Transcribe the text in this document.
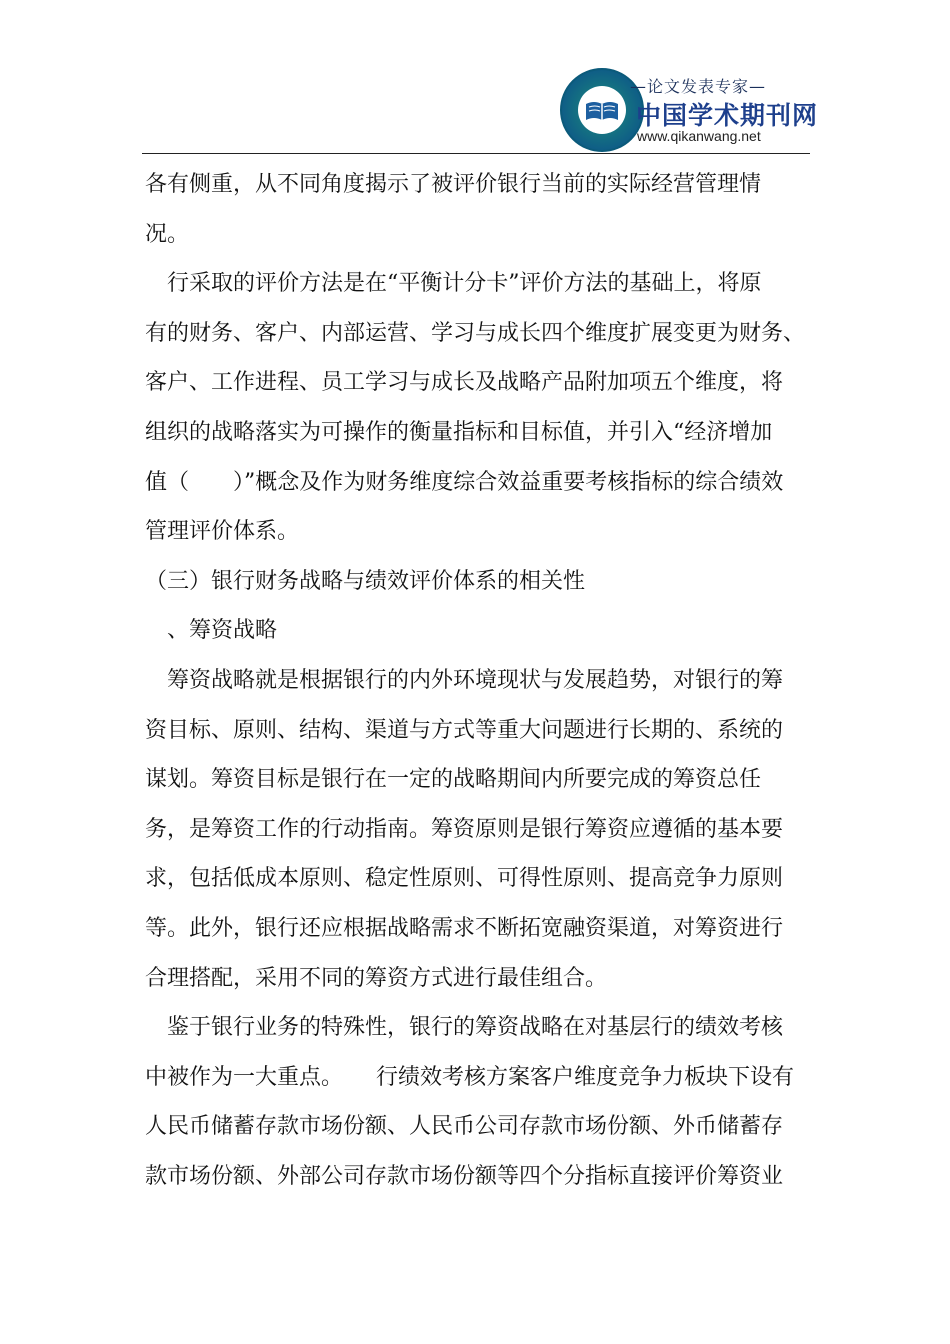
—论文发表专家—
中国学术期刊网
www.qikanwang.net
各有侧重，从不同角度揭示了被评价银行当前的实际经营管理情
况。
　行采取的评价方法是在“平衡计分卡”评价方法的基础上，将原
有的财务、客户、内部运营、学习与成长四个维度扩展变更为财务、
客户、工作进程、员工学习与成长及战略产品附加项五个维度，将
组织的战略落实为可操作的衡量指标和目标值，并引入“经济增加
值（　　）”概念及作为财务维度综合效益重要考核指标的综合绩效
管理评价体系。
（三）银行财务战略与绩效评价体系的相关性
　、筹资战略
　筹资战略就是根据银行的内外环境现状与发展趋势，对银行的筹
资目标、原则、结构、渠道与方式等重大问题进行长期的、系统的
谋划。筹资目标是银行在一定的战略期间内所要完成的筹资总任
务，是筹资工作的行动指南。筹资原则是银行筹资应遵循的基本要
求，包括低成本原则、稳定性原则、可得性原则、提高竞争力原则
等。此外，银行还应根据战略需求不断拓宽融资渠道，对筹资进行
合理搭配，采用不同的筹资方式进行最佳组合。
　鉴于银行业务的特殊性，银行的筹资战略在对基层行的绩效考核
中被作为一大重点。　　行绩效考核方案客户维度竞争力板块下设有
人民币储蓄存款市场份额、人民币公司存款市场份额、外币储蓄存
款市场份额、外部公司存款市场份额等四个分指标直接评价筹资业
